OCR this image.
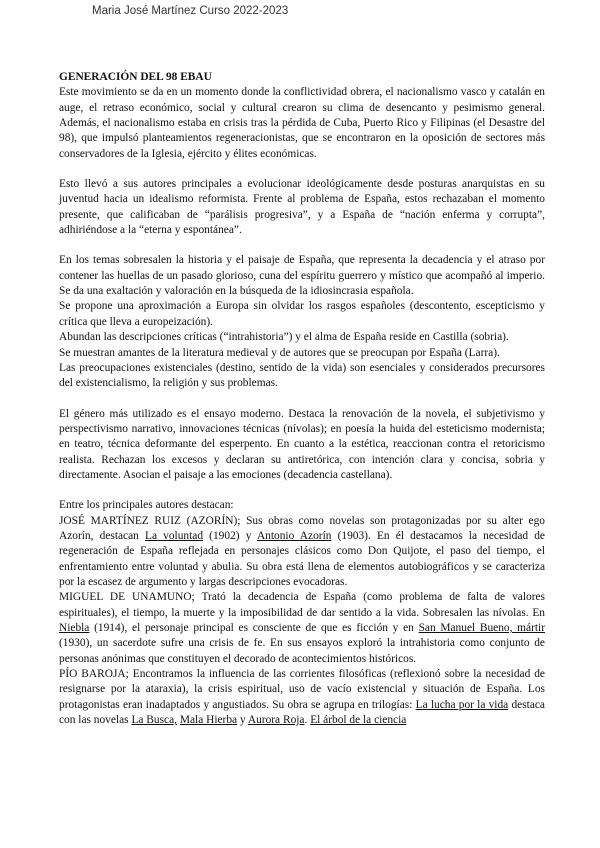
Maria José Martínez Curso 2022-2023

GENERACIÓN DEL 98 EBAU

Este movimiento se da en un momento donde la conflictividad obrera, el nacionalismo vasco y catalán en auge, el retraso económico, social y cultural crearon su clima de desencanto y pesimismo general. Además, el nacionalismo estaba en crisis tras la pérdida de Cuba, Puerto Rico y Filipinas (el Desastre del 98), que impulsó planteamientos regeneracionistas, que se encontraron en la oposición de sectores más conservadores de la Iglesia, ejército y élites económicas.

Esto llevó a sus autores principales a evolucionar ideológicamente desde posturas anarquistas en su juventud hacia un idealismo reformista. Frente al problema de España, estos rechazaban el momento presente, que calificaban de “parálisis progresiva”, y a España de “nación enferma y corrupta”, adhiriéndose a la “eterna y espontánea”.

En los temas sobresalen la historia y el paisaje de España, que representa la decadencia y el atraso por contener las huellas de un pasado glorioso, cuna del espíritu guerrero y místico que acompañó al imperio. Se da una exaltación y valoración en la búsqueda de la idiosincrasia española.

Se propone una aproximación a Europa sin olvidar los rasgos españoles (descontento, escepticismo y crítica que lleva a europeización).

Abundan las descripciones críticas (“intrahistoria”) y el alma de España reside en Castilla (sobria).

Se muestran amantes de la literatura medieval y de autores que se preocupan por España (Larra).

Las preocupaciones existenciales (destino, sentido de la vida) son esenciales y considerados precursores del existencialismo, la religión y sus problemas.

El género más utilizado es el ensayo moderno. Destaca la renovación de la novela, el subjetivismo y perspectivismo narrativo, innovaciones técnicas (nívolas); en poesía la huida del esteticismo modernista; en teatro, técnica deformante del esperpento. En cuanto a la estética, reaccionan contra el retoricismo realista. Rechazan los excesos y declaran su antiretórica, con intención clara y concisa, sobria y directamente. Asocian el paisaje a las emociones (decadencia castellana).

Entre los principales autores destacan:

JOSÉ MARTÍNEZ RUIZ (AZORÍN); Sus obras como novelas son protagonizadas por su alter ego Azorín, destacan La voluntad (1902) y Antonio Azorín (1903). En él destacamos la necesidad de regeneración de España reflejada en personajes clásicos como Don Quijote, el paso del tiempo, el enfrentamiento entre voluntad y abulia. Su obra está llena de elementos autobiográficos y se caracteriza por la escasez de argumento y largas descripciones evocadoras.

MIGUEL DE UNAMUNO; Trató la decadencia de España (como problema de falta de valores espirituales), el tiempo, la muerte y la imposibilidad de dar sentido a la vida. Sobresalen las nívolas. En Niebla (1914), el personaje principal es consciente de que es ficción y en San Manuel Bueno, mártir (1930), un sacerdote sufre una crisis de fe. En sus ensayos exploró la intrahistoria como conjunto de personas anónimas que constituyen el decorado de acontecimientos históricos.

PÍO BAROJA; Encontramos la influencia de las corrientes filosóficas (reflexionó sobre la necesidad de resignarse por la ataraxia), la crisis espiritual, uso de vacío existencial y situación de España. Los protagonistas eran inadaptados y angustiados. Su obra se agrupa en trilogías: La lucha por la vida destaca con las novelas La Busca, Mala Hierba y Aurora Roja. El árbol de la ciencia
